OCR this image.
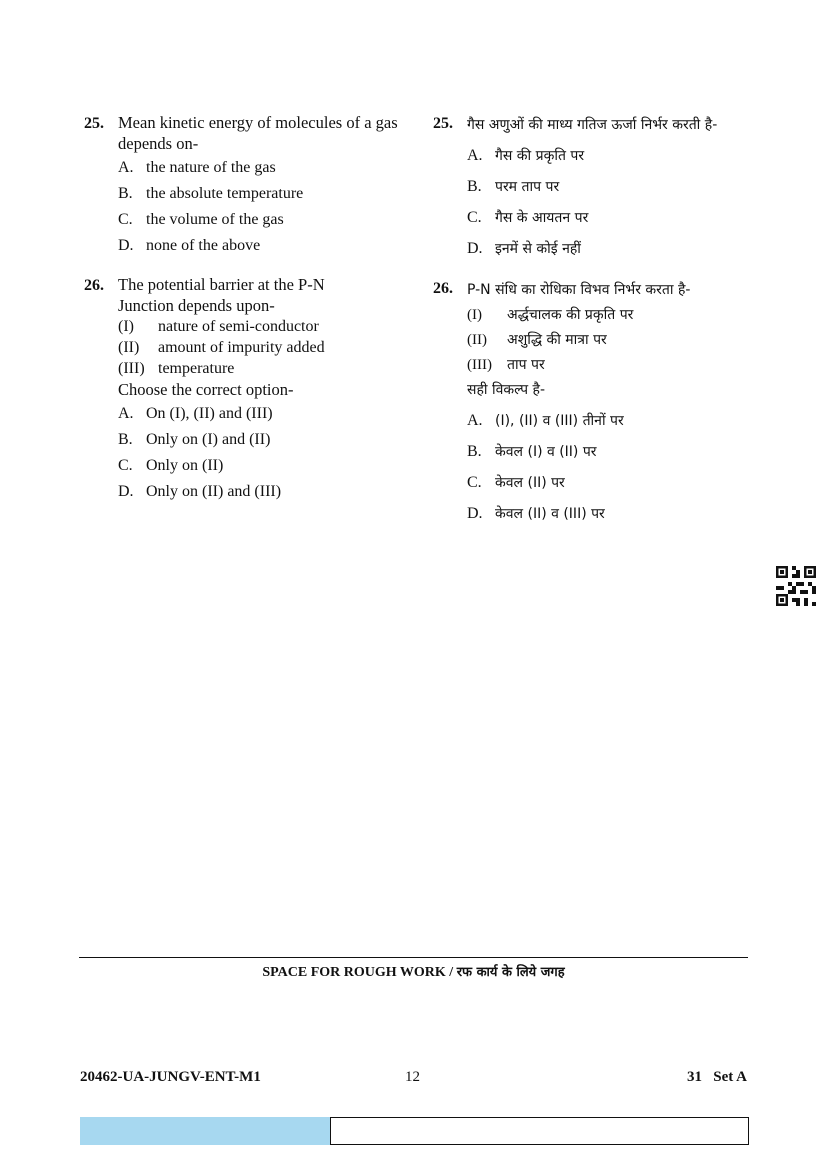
25. Mean kinetic energy of molecules of a gas depends on-
A. the nature of the gas
B. the absolute temperature
C. the volume of the gas
D. none of the above
26. The potential barrier at the P-N Junction depends upon-
(I)	nature of semi-conductor
(II)	amount of impurity added
(III) temperature
Choose the correct option-
A. On (I), (II) and (III)
B. Only on (I) and (II)
C. Only on (II)
D. Only on (II) and (III)
25. गैस अणुओं की माध्य गतिज ऊर्जा निर्भर करती है-
A. गैस की प्रकृति पर
B. परम ताप पर
C. गैस के आयतन पर
D. इनमें से कोई नहीं
26. P-N संधि का रोधिका विभव निर्भर करता है-
(I)	अर्द्धचालक की प्रकृति पर
(II)	अशुद्धि की मात्रा पर
(III)	ताप पर
सही विकल्प है-
A. (I), (II) व (III) तीनों पर
B. केवल (I) व (II) पर
C. केवल (II) पर
D. केवल (II) व (III) पर
SPACE FOR ROUGH WORK / रफ कार्य के लिये जगह
20462-UA-JUNGV-ENT-M1	12	31   Set A
